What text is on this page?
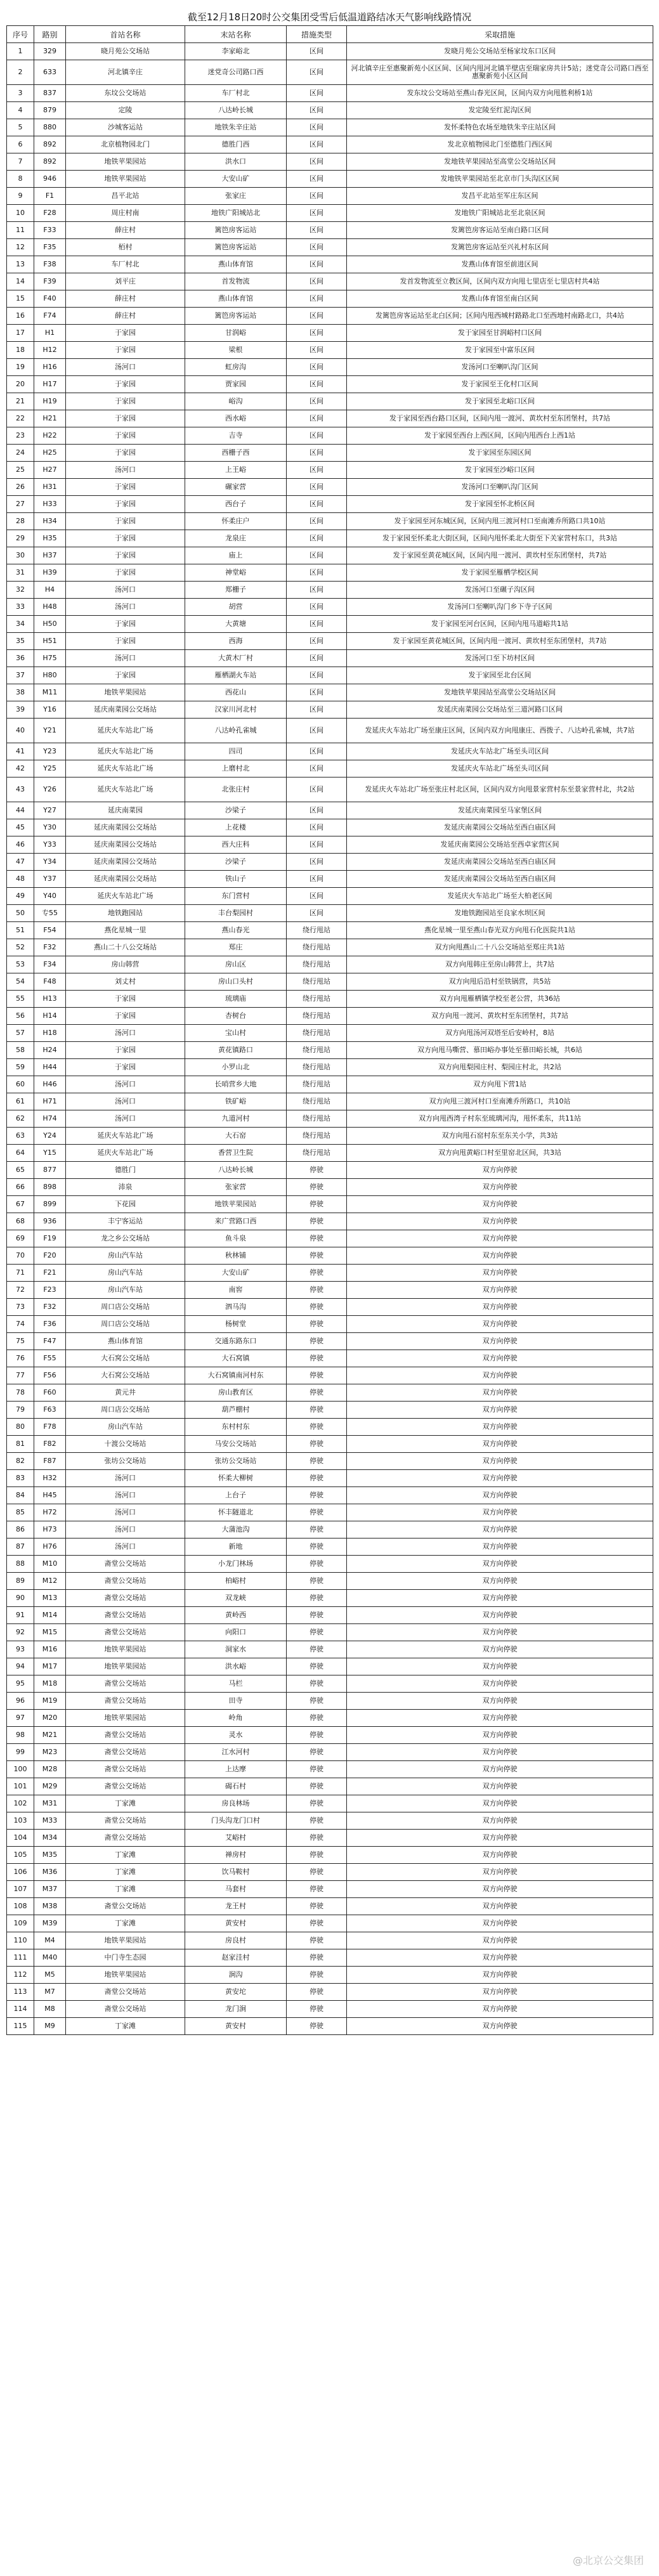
截至12月18日20时公交集团受雪后低温道路结冰天气影响线路情况
序号	路别	首站名称	末站名称	措施类型	采取措施
1	329	晓月苑公交场站	李家峪北	区间	发晓月苑公交场站至杨家坟东口区间
2	633	河北镇辛庄	迷党奇公司路口西	区间	河北镇辛庄至惠聚新苑小区区间、区间内甩河北镇半壁店至瑞家房共计5站；迷党奇公司路口西至惠聚新苑小区区间
3	837	东坟公交场站	车厂村北	区间	发东坟公交场站至燕山春光区间，区间内双方向甩胜利桥1站
4	879	定陵	八达岭长城	区间	发定陵至红泥沟区间
5	880	沙城客运站	地铁朱辛庄站	区间	发怀柔特色农场至地铁朱辛庄站区间
6	892	北京植物园北门	德胜门西	区间	发北京植物园北门至德胜门西区间
7	892	地铁苹果园站	洪水口	区间	发地铁苹果园站至高堂公交场站区间
8	946	地铁苹果园站	大安山矿	区间	发地铁苹果园站至北京市门头沟区区间
9	F1	昌平北站	张家庄	区间	发昌平北站至军庄东区间
10	F28	周庄村南	地铁广阳城站北	区间	发地铁广阳城站北至北泉区间
11	F33	薛庄村	篱笆房客运站	区间	发篱笆房客运站至南白路口区间
12	F35	栢村	篱笆房客运站	区间	发篱笆房客运站至兴礼村东区间
13	F38	车厂村北	燕山体育馆	区间	发燕山体育馆至前进区间
14	F39	刘平庄	首发物流	区间	发首发物流至立教区间，区间内双方向甩七里店至七里店村共4站
15	F40	薛庄村	燕山体育馆	区间	发燕山体育馆至南白区间
16	F74	薛庄村	篱笆房客运站	区间	发篱笆房客运站至北白区间；区间内甩西城村路路北口至西地村南路北口，共4站
17	H1	于家园	甘润峪	区间	发于家园至甘润峪村口区间
18	H12	于家园	梁根	区间	发于家园至中富乐区间
19	H16	汤河口	虹房沟	区间	发汤河口至喇叭沟门区间
20	H17	于家园	贾家园	区间	发于家园至王化村口区间
21	H19	于家园	峪沟	区间	发于家园至北峪口区间
22	H21	于家园	西水峪	区间	发于家园至西台路口区间，区间内甩一渡河、黄坎村至东团堡村，共7站
23	H22	于家园	吉寺	区间	发于家园至西台上西区间，区间内甩西台上西1站
24	H25	于家园	西栅子西	区间	发于家园至东园区间
25	H27	汤河口	上王峪	区间	发于家园至沙峪口区间
26	H31	于家园	碾家营	区间	发汤河口至喇叭沟门区间
27	H33	于家园	西台子	区间	发于家园至怀北桥区间
28	H34	于家园	怀柔庄户	区间	发于家园至河东城区间，区间内甩三渡河村口至南滩乔所路口共10站
29	H35	于家园	龙泉庄	区间	发于家园至怀柔北大街区间，区间内甩怀柔北大街至下关家营村东口，共3站
30	H37	于家园	庙上	区间	发于家园至黄花城区间，区间内甩一渡河、黄坎村至东团堡村，共7站
31	H39	于家园	神堂峪	区间	发于家园至雁栖学校区间
32	H4	汤河口	郑栅子	区间	发汤河口至碾子沟区间
33	H48	汤河口	胡营	区间	发汤河口至喇叭沟门乡下寺子区间
34	H50	于家园	大黄塘	区间	发于家园至河台区间，区间内甩马道峪共1站
35	H51	于家园	西海	区间	发于家园至黄花城区间，区间内甩一渡河、黄坎村至东团堡村，共7站
36	H75	汤河口	大黄木厂村	区间	发汤河口至下坊村区间
37	H80	于家园	雁栖湖火车站	区间	发于家园至北台区间
38	M11	地铁苹果园站	西花山	区间	发地铁苹果园站至高堂公交场站区间
39	Y16	延庆南菜园公交场站	汉家川河北村	区间	发延庆南菜园公交场站至三道河路口区间
40	Y21	延庆火车站北广场	八达岭孔雀城	区间	发延庆火车站北广场至康庄区间，区间内双方向甩康庄、西拨子、八达岭孔雀城，共7站
41	Y23	延庆火车站北广场	四司	区间	发延庆火车站北广场至头司区间
42	Y25	延庆火车站北广场	上磨村北	区间	发延庆火车站北广场至头司区间
43	Y26	延庆火车站北广场	北张庄村	区间	发延庆火车站北广场至张庄村北区间，区间内双方向甩景家营村东至景家营村北，共2站
44	Y27	延庆南菜园	沙梁子	区间	发延庆南菜园至马家堡区间
45	Y30	延庆南菜园公交场站	上花楼	区间	发延庆南菜园公交场站至西白庙区间
46	Y33	延庆南菜园公交场站	西大庄科	区间	发延庆南菜园公交场站至西卓家营区间
47	Y34	延庆南菜园公交场站	沙梁子	区间	发延庆南菜园公交场站至西白庙区间
48	Y37	延庆南菜园公交场站	铁山子	区间	发延庆南菜园公交场站至西白庙区间
49	Y40	延庆火车站北广场	东门营村	区间	发延庆火车站北广场至大柏老区间
50	专55	地铁跑园站	丰台梨园村	区间	发地铁跑园站至良家水坝区间
51	F54	燕化星城一里	燕山春光	绕行甩站	燕化星城一里至燕山春光双方向甩石化医院共1站
52	F32	燕山二十八公交场站	郑庄	绕行甩站	双方向甩燕山二十八公交场站至郑庄共1站
53	F34	房山韩营	房山区	绕行甩站	双方向甩韩庄至房山韩营上，共7站
54	F48	刘丈村	房山口头村	绕行甩站	双方向甩后沿村至铁锅营，共5站
55	H13	于家园	琉璃庙	绕行甩站	双方向甩雁栖镇学校至老公营，共36站
56	H14	于家园	杏树台	绕行甩站	双方向甩一渡河、黄坎村至东团堡村，共7站
57	H18	汤河口	宝山村	绕行甩站	双方向甩汤河双塔至后安岭村，8站
58	H24	于家园	黄花镇路口	绕行甩站	双方向甩马嘶营、慕田峪办事处至慕田峪长城，共6站
59	H44	于家园	小罗山北	绕行甩站	双方向甩梨园庄村、梨园庄村北，共2站
60	H46	汤河口	长哨营乡大地	绕行甩站	双方向甩下营1站
61	H71	汤河口	铁矿峪	绕行甩站	双方向甩三渡河村口至南滩乔所路口，共10站
62	H74	汤河口	九道河村	绕行甩站	双方向甩西湾子村东至琉璃河沟，甩怀柔东，共11站
63	Y24	延庆火车站北广场	大石窑	绕行甩站	双方向甩石窑村东至东关小学，共3站
64	Y15	延庆火车站北广场	香营卫生院	绕行甩站	双方向甩黄峪口村至里窑北区间，共3站
65	877	德胜门	八达岭长城	停驶	双方向停驶
66	898	沛泉	张家营	停驶	双方向停驶
67	899	下花园	地铁苹果园站	停驶	双方向停驶
68	936	丰宁客运站	来广营路口西	停驶	双方向停驶
69	F19	龙之乡公交场站	鱼斗泉	停驶	双方向停驶
70	F20	房山汽车站	秋林铺	停驶	双方向停驶
71	F21	房山汽车站	大安山矿	停驶	双方向停驶
72	F23	房山汽车站	南窖	停驶	双方向停驶
73	F32	周口店公交场站	泗马沟	停驶	双方向停驶
74	F36	周口店公交场站	杨树堂	停驶	双方向停驶
75	F47	燕山体育馆	交通东路东口	停驶	双方向停驶
76	F55	大石窝公交场站	大石窝镇	停驶	双方向停驶
77	F56	大石窝公交场站	大石窝镇南河村东	停驶	双方向停驶
78	F60	黄元井	房山教育区	停驶	双方向停驶
79	F63	周口店公交场站	葫芦棚村	停驶	双方向停驶
80	F78	房山汽车站	东村村东	停驶	双方向停驶
81	F82	十渡公交场站	马安公交场站	停驶	双方向停驶
82	F87	张坊公交场站	张坊公交场站	停驶	双方向停驶
83	H32	汤河口	怀柔大柳树	停驶	双方向停驶
84	H45	汤河口	上台子	停驶	双方向停驶
85	H72	汤河口	怀丰隧道北	停驶	双方向停驶
86	H73	汤河口	大蒲池沟	停驶	双方向停驶
87	H76	汤河口	新地	停驶	双方向停驶
88	M10	斋堂公交场站	小龙门林场	停驶	双方向停驶
89	M12	斋堂公交场站	柏峪村	停驶	双方向停驶
90	M13	斋堂公交场站	双龙峡	停驶	双方向停驶
91	M14	斋堂公交场站	黄岭西	停驶	双方向停驶
92	M15	斋堂公交场站	向阳口	停驶	双方向停驶
93	M16	地铁苹果园站	洞家水	停驶	双方向停驶
94	M17	地铁苹果园站	洪水峪	停驶	双方向停驶
95	M18	斋堂公交场站	马栏	停驶	双方向停驶
96	M19	斋堂公交场站	田寺	停驶	双方向停驶
97	M20	地铁苹果园站	岭角	停驶	双方向停驶
98	M21	斋堂公交场站	灵水	停驶	双方向停驶
99	M23	斋堂公交场站	江水河村	停驶	双方向停驶
100	M28	斋堂公交场站	上达摩	停驶	双方向停驶
101	M29	斋堂公交场站	碣石村	停驶	双方向停驶
102	M31	丁家滩	房良林场	停驶	双方向停驶
103	M33	斋堂公交场站	门头沟龙门口村	停驶	双方向停驶
104	M34	斋堂公交场站	艾峪村	停驶	双方向停驶
105	M35	丁家滩	禅房村	停驶	双方向停驶
106	M36	丁家滩	饮马鞍村	停驶	双方向停驶
107	M37	丁家滩	马套村	停驶	双方向停驶
108	M38	斋堂公交场站	龙王村	停驶	双方向停驶
109	M39	丁家滩	黄安村	停驶	双方向停驶
110	M4	地铁苹果园站	房良村	停驶	双方向停驶
111	M40	中门寺生态园	赵家洼村	停驶	双方向停驶
112	M5	地铁苹果园站	涧沟	停驶	双方向停驶
113	M7	斋堂公交场站	黄安坨	停驶	双方向停驶
114	M8	斋堂公交场站	龙门涧	停驶	双方向停驶
115	M9	丁家滩	黄安村	停驶	双方向停驶
@北京公交集团
